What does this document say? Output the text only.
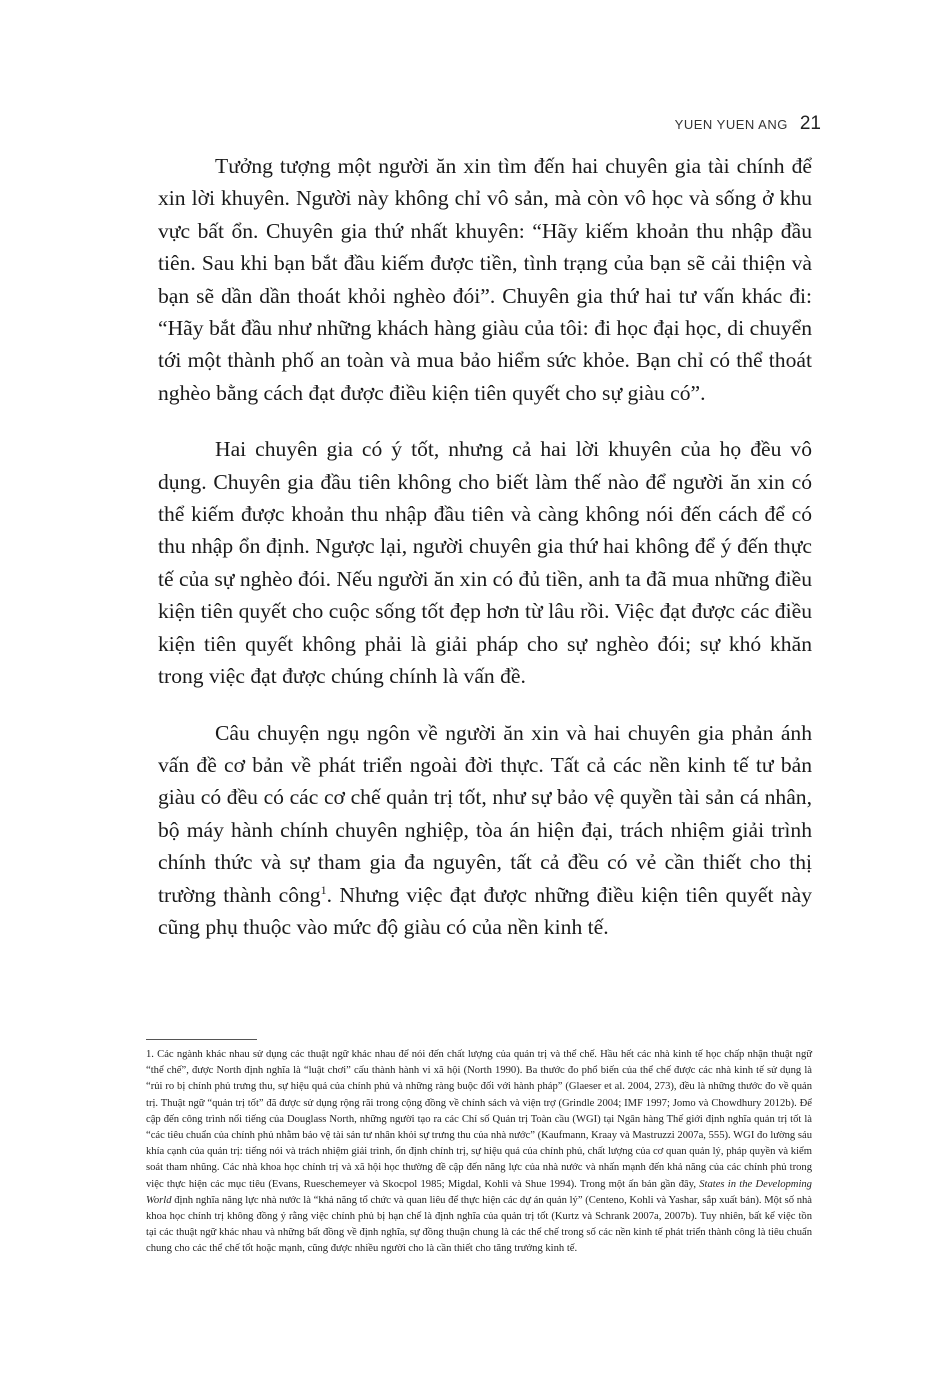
YUEN YUEN ANG 21

Tưởng tượng một người ăn xin tìm đến hai chuyên gia tài chính để xin lời khuyên. Người này không chỉ vô sản, mà còn vô học và sống ở khu vực bất ổn. Chuyên gia thứ nhất khuyên: “Hãy kiếm khoản thu nhập đầu tiên. Sau khi bạn bắt đầu kiếm được tiền, tình trạng của bạn sẽ cải thiện và bạn sẽ dần dần thoát khỏi nghèo đói”. Chuyên gia thứ hai tư vấn khác đi: “Hãy bắt đầu như những khách hàng giàu của tôi: đi học đại học, di chuyển tới một thành phố an toàn và mua bảo hiểm sức khỏe. Bạn chỉ có thể thoát nghèo bằng cách đạt được điều kiện tiên quyết cho sự giàu có”.

Hai chuyên gia có ý tốt, nhưng cả hai lời khuyên của họ đều vô dụng. Chuyên gia đầu tiên không cho biết làm thế nào để người ăn xin có thể kiếm được khoản thu nhập đầu tiên và càng không nói đến cách để có thu nhập ổn định. Ngược lại, người chuyên gia thứ hai không để ý đến thực tế của sự nghèo đói. Nếu người ăn xin có đủ tiền, anh ta đã mua những điều kiện tiên quyết cho cuộc sống tốt đẹp hơn từ lâu rồi. Việc đạt được các điều kiện tiên quyết không phải là giải pháp cho sự nghèo đói; sự khó khăn trong việc đạt được chúng chính là vấn đề.

Câu chuyện ngụ ngôn về người ăn xin và hai chuyên gia phản ánh vấn đề cơ bản về phát triển ngoài đời thực. Tất cả các nền kinh tế tư bản giàu có đều có các cơ chế quản trị tốt, như sự bảo vệ quyền tài sản cá nhân, bộ máy hành chính chuyên nghiệp, tòa án hiện đại, trách nhiệm giải trình chính thức và sự tham gia đa nguyên, tất cả đều có vẻ cần thiết cho thị trường thành công$^1$. Nhưng việc đạt được những điều kiện tiên quyết này cũng phụ thuộc vào mức độ giàu có của nền kinh tế.

1. Các ngành khác nhau sử dụng các thuật ngữ khác nhau để nói đến chất lượng của quản trị và thể chế. Hầu hết các nhà kinh tế học chấp nhận thuật ngữ “thể chế”, được North định nghĩa là “luật chơi” cấu thành hành vi xã hội (North 1990). Ba thước đo phổ biến của thể chế được các nhà kinh tế sử dụng là “rủi ro bị chính phủ trưng thu, sự hiệu quả của chính phủ và những ràng buộc đối với hành pháp” (Glaeser et al. 2004, 273), đều là những thước đo về quản trị. Thuật ngữ “quản trị tốt” đã được sử dụng rộng rãi trong cộng đồng về chính sách và viện trợ (Grindle 2004; IMF 1997; Jomo và Chowdhury 2012b). Để cập đến công trình nổi tiếng của Douglass North, những người tạo ra các Chỉ số Quản trị Toàn cầu (WGI) tại Ngân hàng Thế giới định nghĩa quản trị tốt là “các tiêu chuẩn của chính phủ nhằm bảo vệ tài sản tư nhân khỏi sự trưng thu của nhà nước” (Kaufmann, Kraay và Mastruzzi 2007a, 555). WGI đo lường sáu khía cạnh của quản trị: tiếng nói và trách nhiệm giải trình, ổn định chính trị, sự hiệu quả của chính phủ, chất lượng của cơ quan quản lý, pháp quyền và kiểm soát tham nhũng. Các nhà khoa học chính trị và xã hội học thường đề cập đến năng lực của nhà nước và nhấn mạnh đến khả năng của các chính phủ trong việc thực hiện các mục tiêu (Evans, Rueschemeyer và Skocpol 1985; Migdal, Kohli và Shue 1994). Trong một ấn bản gần đây, States in the Developming World định nghĩa năng lực nhà nước là “khả năng tổ chức và quan liêu để thực hiện các dự án quản lý” (Centeno, Kohli và Yashar, sắp xuất bản). Một số nhà khoa học chính trị không đồng ý rằng việc chính phủ bị hạn chế là định nghĩa của quản trị tốt (Kurtz và Schrank 2007a, 2007b). Tuy nhiên, bất kể việc tồn tại các thuật ngữ khác nhau và những bất đồng về định nghĩa, sự đồng thuận chung là các thể chế trong số các nền kinh tế phát triển thành công là tiêu chuẩn chung cho các thể chế tốt hoặc mạnh, cũng được nhiều người cho là cần thiết cho tăng trưởng kinh tế.
